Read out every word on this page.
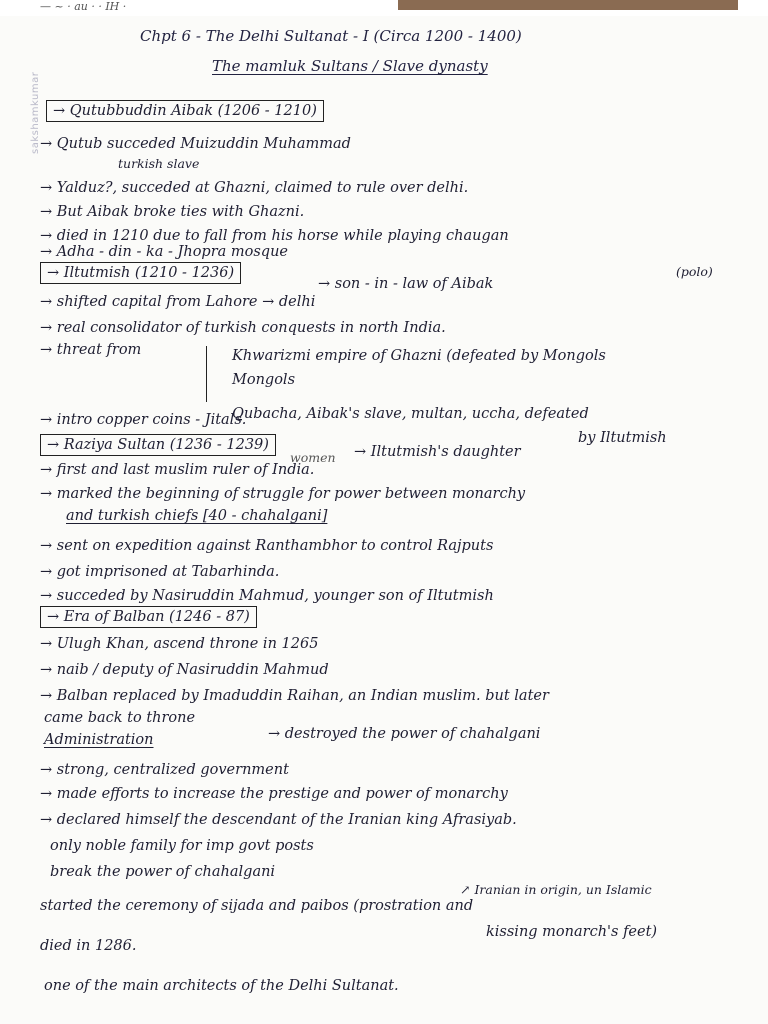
— ~ · au · · IH ·
sakshamkumar
Chpt 6 - The Delhi Sultanat - I (Circa 1200 - 1400)
The mamluk Sultans / Slave dynasty
→ Qutubbuddin Aibak (1206 - 1210)
→ Qutub succeded Muizuddin Muhammad
turkish slave
→ Yalduz?, succeded at Ghazni, claimed to rule over delhi.
→ But Aibak broke ties with Ghazni.
→ died in 1210 due to fall from his horse while playing chaugan
→ Adha - din - ka - Jhopra mosque
(polo)
→ Iltutmish (1210 - 1236)
→ son - in - law of Aibak
→ shifted capital from Lahore → delhi
→ real consolidator of turkish conquests in north India.
→ threat from	Khwarizmi empire of Ghazni (defeated by Mongols
Mongols
Qubacha, Aibak's slave, multan, uccha, defeated
by Iltutmish
→ intro copper coins - Jitals.
→ Raziya Sultan (1236 - 1239)	→ Iltutmish's daughter
→ first and last muslim ruler of India.
women
→ marked the beginning of struggle for power between monarchy
and turkish chiefs [40 - chahalgani]
→ sent on expedition against Ranthambhor to control Rajputs
→ got imprisoned at Tabarhinda.
→ succeded by Nasiruddin Mahmud, younger son of Iltutmish
→ Era of Balban (1246 - 87)
→ Ulugh Khan, ascend throne in 1265
→ naib / deputy of Nasiruddin Mahmud
→ Balban replaced by Imaduddin Raihan, an Indian muslim. but later
came back to throne
→ destroyed the power of chahalgani
Administration
→ strong, centralized government
→ made efforts to increase the prestige and power of monarchy
→ declared himself the descendant of the Iranian king Afrasiyab.
only noble family for imp govt posts
break the power of chahalgani
↗ Iranian in origin, un Islamic
started the ceremony of sijada and paibos (prostration and
kissing monarch's feet)
died in 1286.
one of the main architects of the Delhi Sultanat.
